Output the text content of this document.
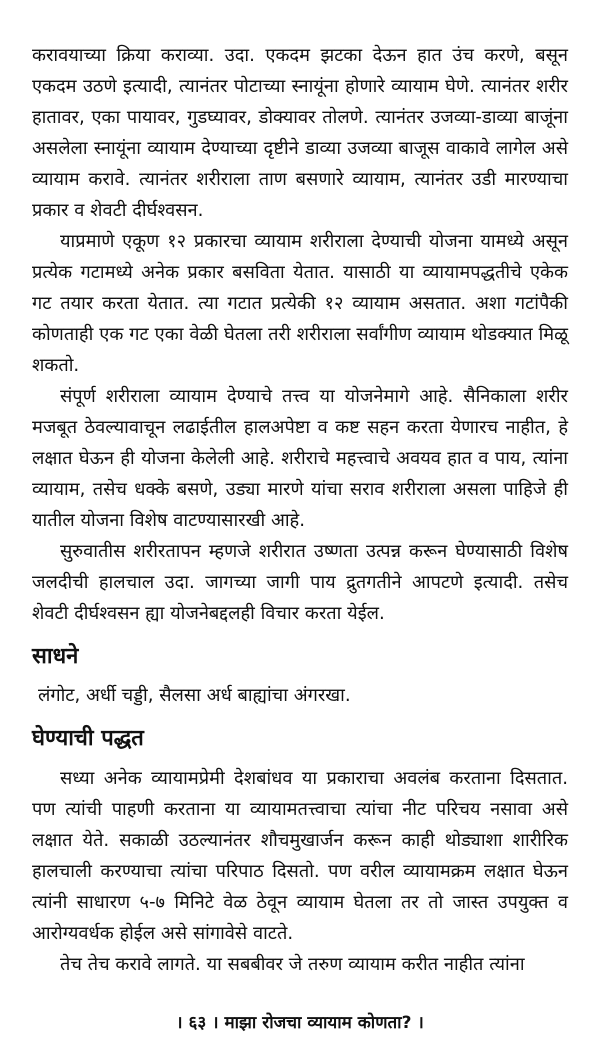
करावयाच्या क्रिया कराव्या. उदा. एकदम झटका देऊन हात उंच करणे, बसून एकदम उठणे इत्यादी, त्यानंतर पोटाच्या स्नायूंना होणारे व्यायाम घेणे. त्यानंतर शरीर हातावर, एका पायावर, गुडघ्यावर, डोक्यावर तोलणे. त्यानंतर उजव्या-डाव्या बाजूंना असलेला स्नायूंना व्यायाम देण्याच्या दृष्टीने डाव्या उजव्या बाजूस वाकावे लागेल असे व्यायाम करावे. त्यानंतर शरीराला ताण बसणारे व्यायाम, त्यानंतर उडी मारण्याचा प्रकार व शेवटी दीर्घश्वसन.

याप्रमाणे एकूण १२ प्रकारचा व्यायाम शरीराला देण्याची योजना यामध्ये असून प्रत्येक गटामध्ये अनेक प्रकार बसविता येतात. यासाठी या व्यायामपद्धतीचे एकेक गट तयार करता येतात. त्या गटात प्रत्येकी १२ व्यायाम असतात. अशा गटांपैकी कोणताही एक गट एका वेळी घेतला तरी शरीराला सर्वांगीण व्यायाम थोडक्यात मिळू शकतो.

संपूर्ण शरीराला व्यायाम देण्याचे तत्त्व या योजनेमागे आहे. सैनिकाला शरीर मजबूत ठेवल्यावाचून लढाईतील हालअपेष्टा व कष्ट सहन करता येणारच नाहीत, हे लक्षात घेऊन ही योजना केलेली आहे. शरीराचे महत्त्वाचे अवयव हात व पाय, त्यांना व्यायाम, तसेच धक्के बसणे, उड्या मारणे यांचा सराव शरीराला असला पाहिजे ही यातील योजना विशेष वाटण्यासारखी आहे.

सुरुवातीस शरीरतापन म्हणजे शरीरात उष्णता उत्पन्न करून घेण्यासाठी विशेष जलदीची हालचाल उदा. जागच्या जागी पाय द्रुतगतीने आपटणे इत्यादी. तसेच शेवटी दीर्घश्वसन ह्या योजनेबद्दलही विचार करता येईल.

साधने

लंगोट, अर्धी चड्डी, सैलसा अर्ध बाह्यांचा अंगरखा.

घेण्याची पद्धत

सध्या अनेक व्यायामप्रेमी देशबांधव या प्रकाराचा अवलंब करताना दिसतात. पण त्यांची पाहणी करताना या व्यायामतत्त्वाचा त्यांचा नीट परिचय नसावा असे लक्षात येते. सकाळी उठल्यानंतर शौचमुखार्जन करून काही थोड्याशा शारीरिक हालचाली करण्याचा त्यांचा परिपाठ दिसतो. पण वरील व्यायामक्रम लक्षात घेऊन त्यांनी साधारण ५-७ मिनिटे वेळ ठेवून व्यायाम घेतला तर तो जास्त उपयुक्त व आरोग्यवर्धक होईल असे सांगावेसे वाटते.

तेच तेच करावे लागते. या सबबीवर जे तरुण व्यायाम करीत नाहीत त्यांना

। ६३ । माझा रोजचा व्यायाम कोणता? ।
